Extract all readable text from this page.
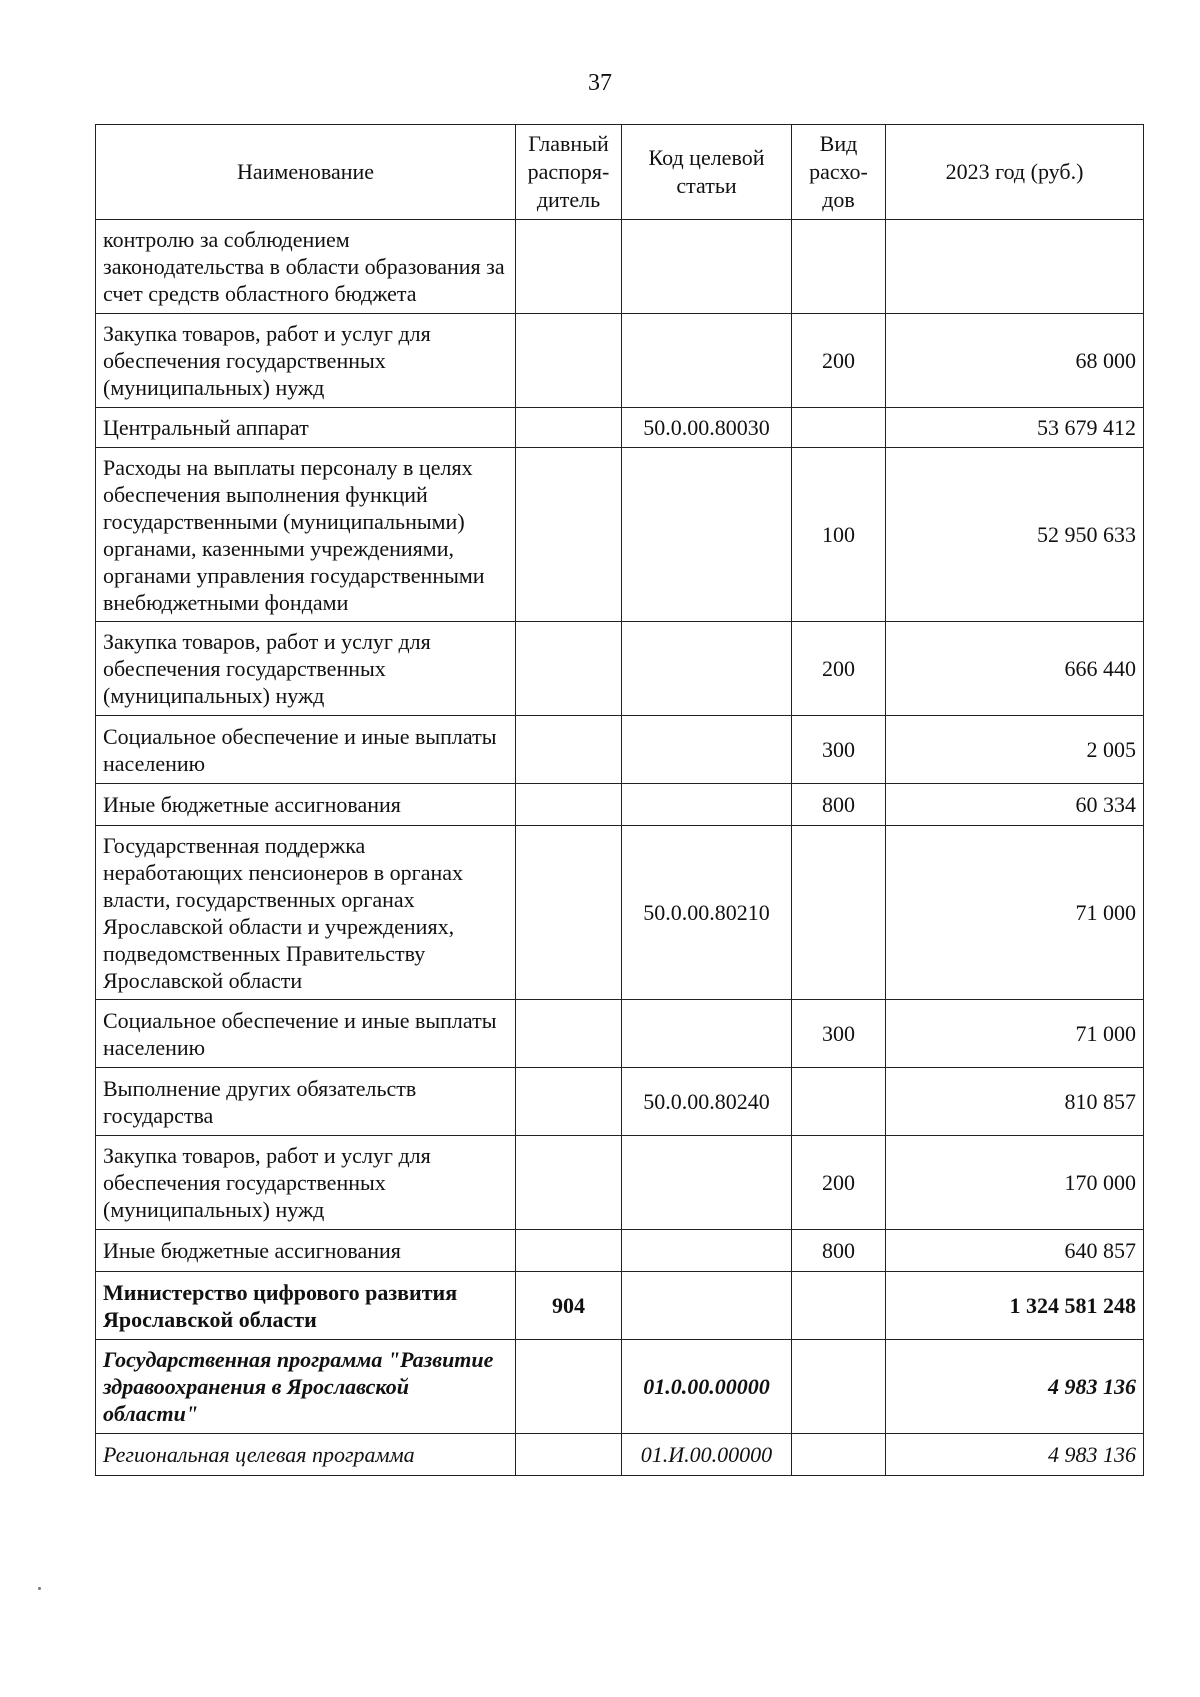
37
Наименование	Главный распоря-дитель	Код целевой статьи	Вид расхо-дов	2023 год (руб.)
контролю за соблюдением законодательства в области образования за счет средств областного бюджета				
Закупка товаров, работ и услуг для обеспечения государственных (муниципальных) нужд			200	68 000
Центральный аппарат		50.0.00.80030		53 679 412
Расходы на выплаты персоналу в целях обеспечения выполнения функций государственными (муниципальными) органами, казенными учреждениями, органами управления государственными внебюджетными фондами			100	52 950 633
Закупка товаров, работ и услуг для обеспечения государственных (муниципальных) нужд			200	666 440
Социальное обеспечение и иные выплаты населению			300	2 005
Иные бюджетные ассигнования			800	60 334
Государственная поддержка неработающих пенсионеров в органах власти, государственных органах Ярославской области и учреждениях, подведомственных Правительству Ярославской области		50.0.00.80210		71 000
Социальное обеспечение и иные выплаты населению			300	71 000
Выполнение других обязательств государства		50.0.00.80240		810 857
Закупка товаров, работ и услуг для обеспечения государственных (муниципальных) нужд			200	170 000
Иные бюджетные ассигнования			800	640 857
Министерство цифрового развития Ярославской области	904			1 324 581 248
Государственная программа "Развитие здравоохранения в Ярославской области"		01.0.00.00000		4 983 136
Региональная целевая программа		01.И.00.00000		4 983 136
